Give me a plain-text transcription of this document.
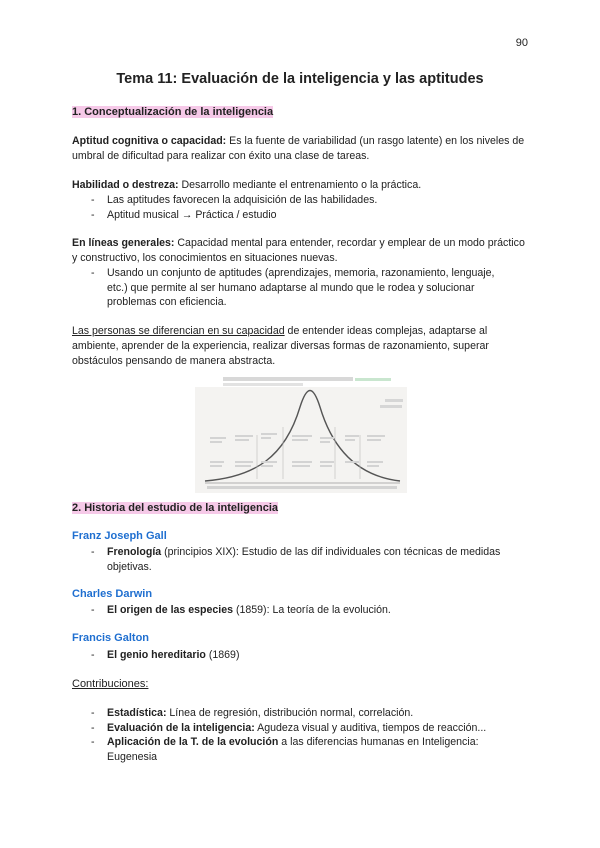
90
Tema 11: Evaluación de la inteligencia y las aptitudes
1. Conceptualización de la inteligencia
Aptitud cognitiva o capacidad: Es la fuente de variabilidad (un rasgo latente) en los niveles de umbral de dificultad para realizar con éxito una clase de tareas.
Habilidad o destreza: Desarrollo mediante el entrenamiento o la práctica.
- Las aptitudes favorecen la adquisición de las habilidades.
- Aptitud musical → Práctica / estudio
En líneas generales: Capacidad mental para entender, recordar y emplear de un modo práctico y constructivo, los conocimientos en situaciones nuevas.
- Usando un conjunto de aptitudes (aprendizajes, memoria, razonamiento, lenguaje, etc.) que permite al ser humano adaptarse al mundo que le rodea y solucionar problemas con eficiencia.
Las personas se diferencian en su capacidad de entender ideas complejas, adaptarse al ambiente, aprender de la experiencia, realizar diversas formas de razonamiento, superar obstáculos pensando de manera abstracta.
2. Historia del estudio de la inteligencia
Franz Joseph Gall
- Frenología (principios XIX): Estudio de las dif individuales con técnicas de medidas objetivas.
Charles Darwin
- El origen de las especies (1859): La teoría de la evolución.
Francis Galton
- El genio hereditario (1869)
Contribuciones:
- Estadística: Línea de regresión, distribución normal, correlación.
- Evaluación de la inteligencia: Agudeza visual y auditiva, tiempos de reacción...
- Aplicación de la T. de la evolución a las diferencias humanas en Inteligencia: Eugenesia
